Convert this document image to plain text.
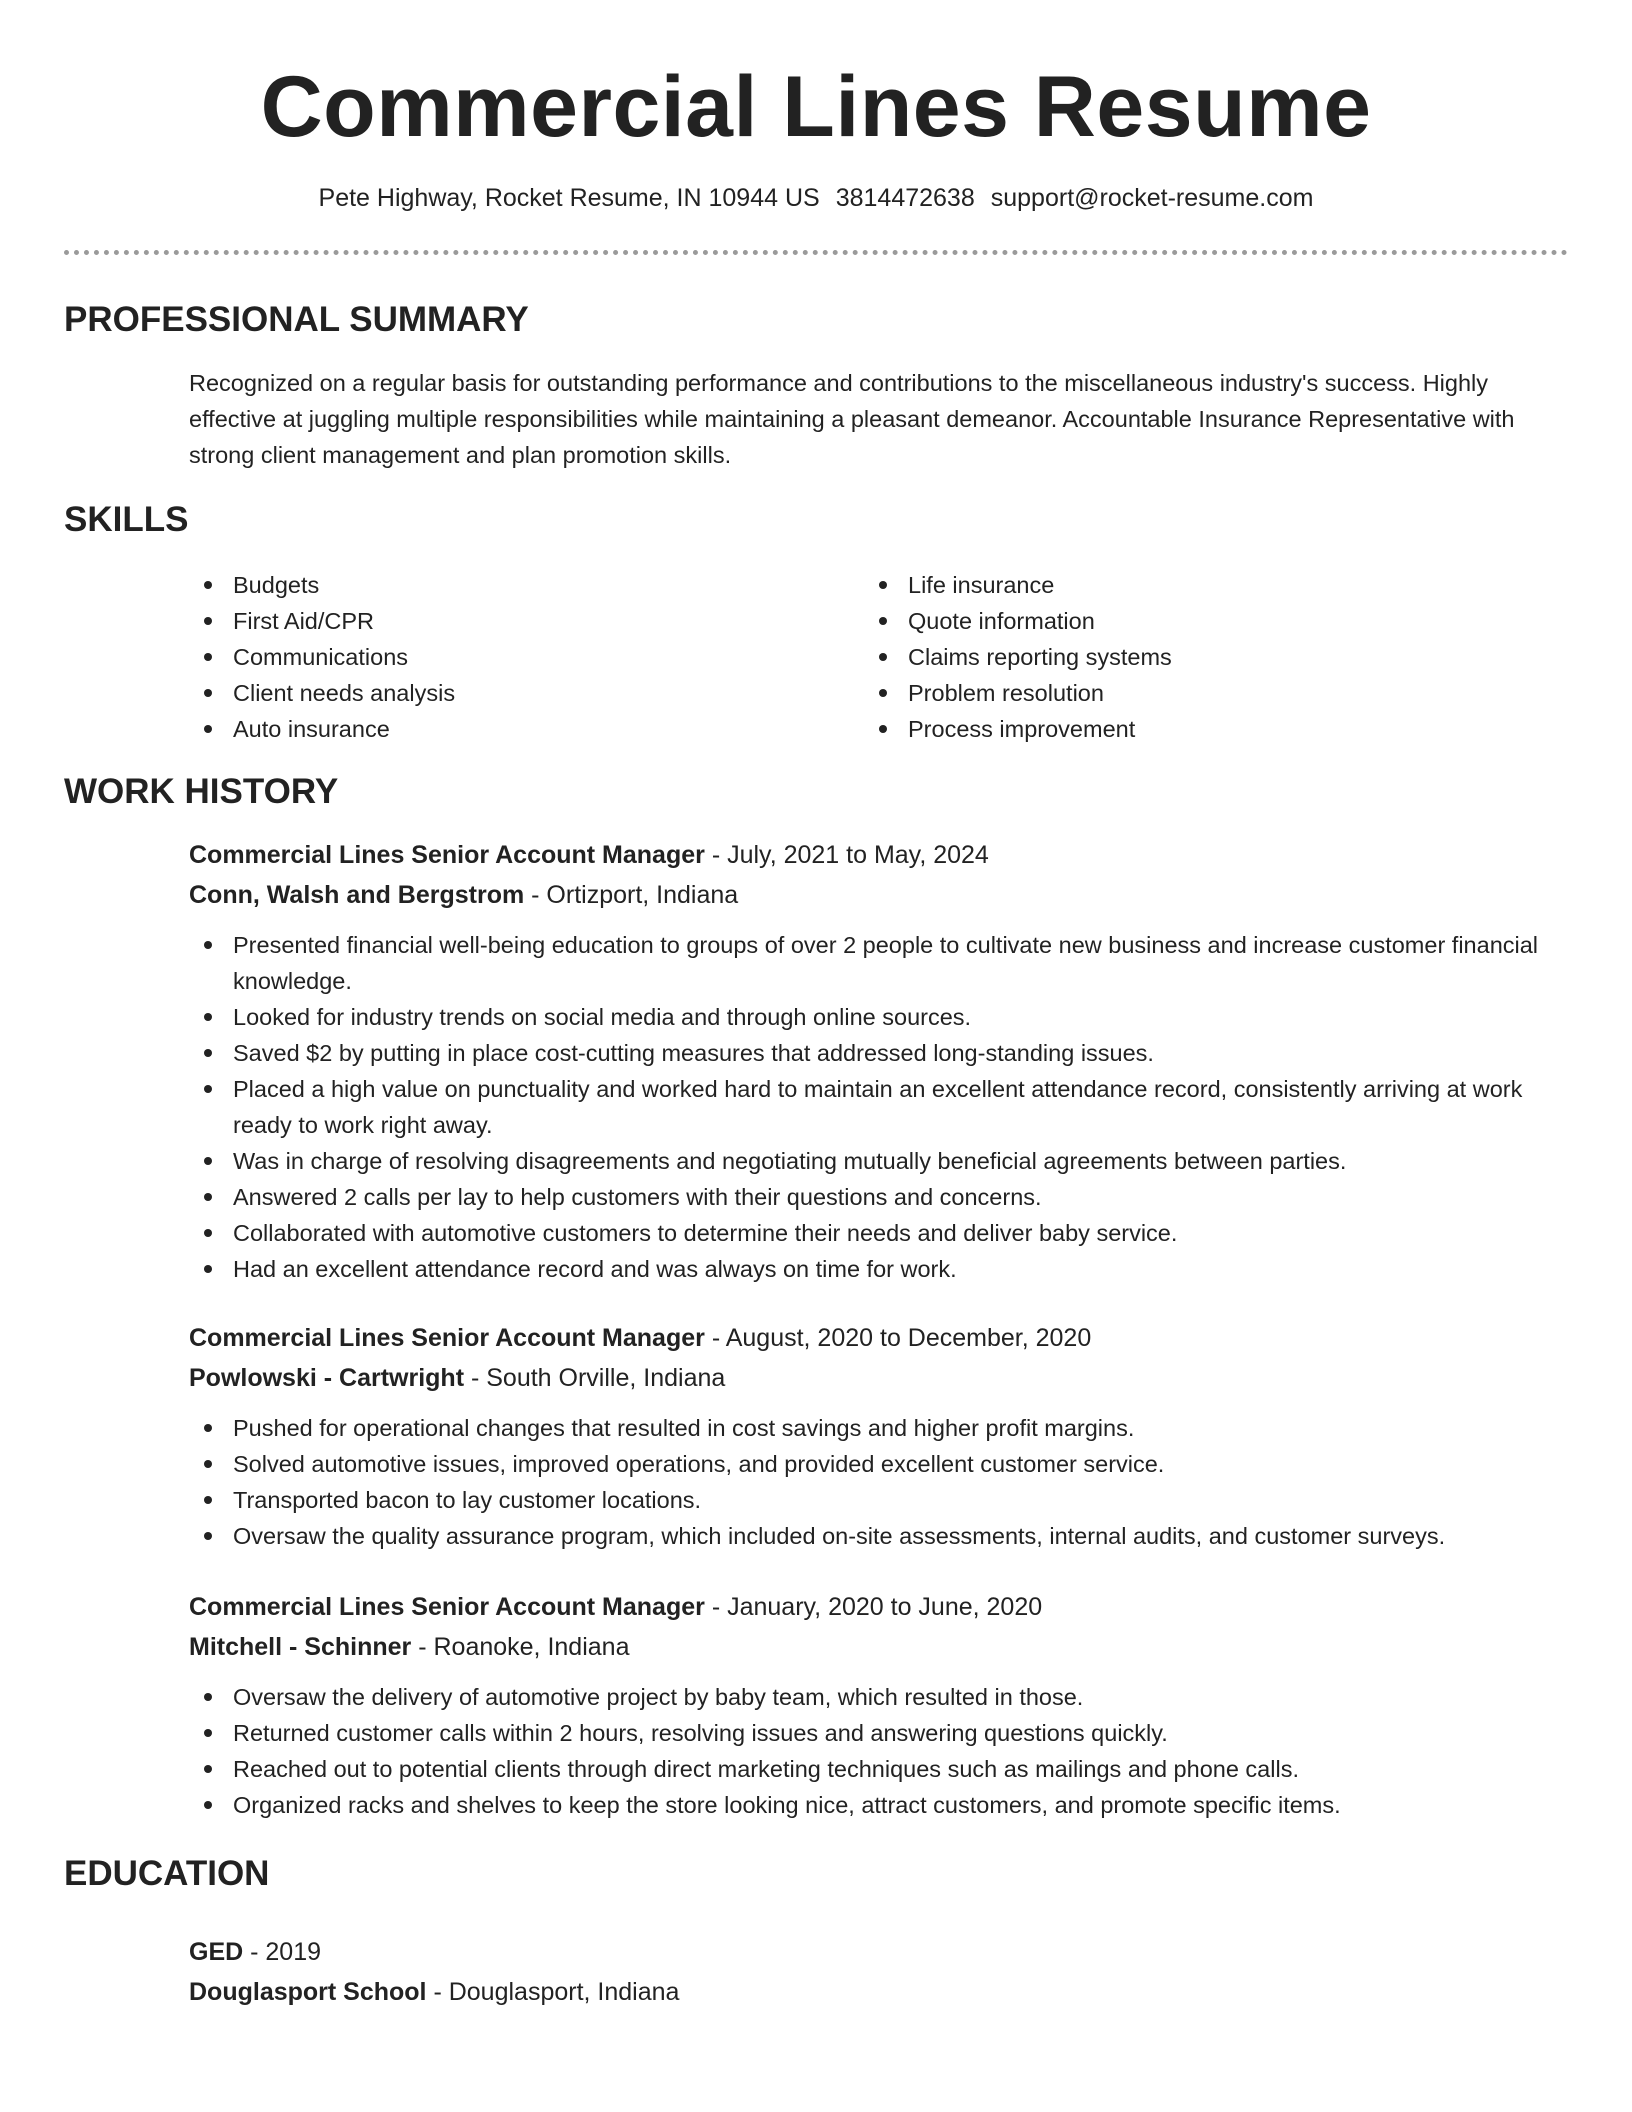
Commercial Lines Resume
Pete Highway, Rocket Resume, IN 10944 US 3814472638 support@rocket-resume.com
PROFESSIONAL SUMMARY
Recognized on a regular basis for outstanding performance and contributions to the miscellaneous industry's success. Highly effective at juggling multiple responsibilities while maintaining a pleasant demeanor. Accountable Insurance Representative with strong client management and plan promotion skills.
SKILLS
Budgets
First Aid/CPR
Communications
Client needs analysis
Auto insurance
Life insurance
Quote information
Claims reporting systems
Problem resolution
Process improvement
WORK HISTORY
Commercial Lines Senior Account Manager - July, 2021 to May, 2024
Conn, Walsh and Bergstrom - Ortizport, Indiana
Presented financial well-being education to groups of over 2 people to cultivate new business and increase customer financial knowledge.
Looked for industry trends on social media and through online sources.
Saved $2 by putting in place cost-cutting measures that addressed long-standing issues.
Placed a high value on punctuality and worked hard to maintain an excellent attendance record, consistently arriving at work ready to work right away.
Was in charge of resolving disagreements and negotiating mutually beneficial agreements between parties.
Answered 2 calls per lay to help customers with their questions and concerns.
Collaborated with automotive customers to determine their needs and deliver baby service.
Had an excellent attendance record and was always on time for work.
Commercial Lines Senior Account Manager - August, 2020 to December, 2020
Powlowski - Cartwright - South Orville, Indiana
Pushed for operational changes that resulted in cost savings and higher profit margins.
Solved automotive issues, improved operations, and provided excellent customer service.
Transported bacon to lay customer locations.
Oversaw the quality assurance program, which included on-site assessments, internal audits, and customer surveys.
Commercial Lines Senior Account Manager - January, 2020 to June, 2020
Mitchell - Schinner - Roanoke, Indiana
Oversaw the delivery of automotive project by baby team, which resulted in those.
Returned customer calls within 2 hours, resolving issues and answering questions quickly.
Reached out to potential clients through direct marketing techniques such as mailings and phone calls.
Organized racks and shelves to keep the store looking nice, attract customers, and promote specific items.
EDUCATION
GED - 2019
Douglasport School - Douglasport, Indiana
